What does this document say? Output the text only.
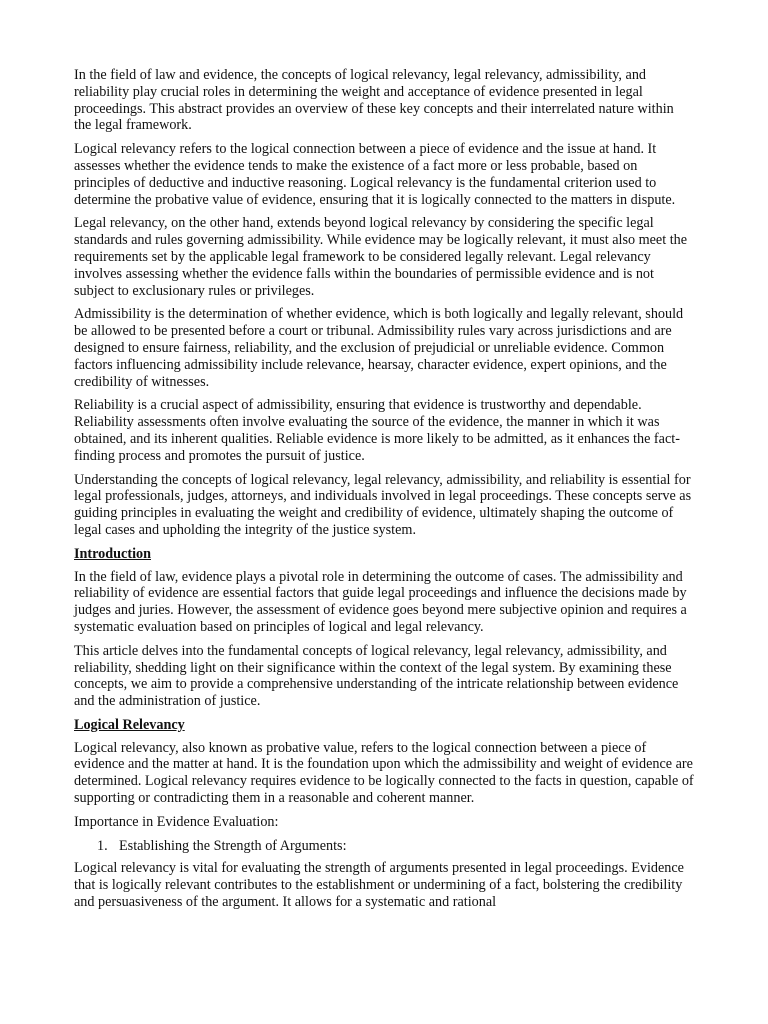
In the field of law and evidence, the concepts of logical relevancy, legal relevancy, admissibility, and reliability play crucial roles in determining the weight and acceptance of evidence presented in legal proceedings. This abstract provides an overview of these key concepts and their interrelated nature within the legal framework.

Logical relevancy refers to the logical connection between a piece of evidence and the issue at hand. It assesses whether the evidence tends to make the existence of a fact more or less probable, based on principles of deductive and inductive reasoning. Logical relevancy is the fundamental criterion used to determine the probative value of evidence, ensuring that it is logically connected to the matters in dispute.

Legal relevancy, on the other hand, extends beyond logical relevancy by considering the specific legal standards and rules governing admissibility. While evidence may be logically relevant, it must also meet the requirements set by the applicable legal framework to be considered legally relevant. Legal relevancy involves assessing whether the evidence falls within the boundaries of permissible evidence and is not subject to exclusionary rules or privileges.

Admissibility is the determination of whether evidence, which is both logically and legally relevant, should be allowed to be presented before a court or tribunal. Admissibility rules vary across jurisdictions and are designed to ensure fairness, reliability, and the exclusion of prejudicial or unreliable evidence. Common factors influencing admissibility include relevance, hearsay, character evidence, expert opinions, and the credibility of witnesses.

Reliability is a crucial aspect of admissibility, ensuring that evidence is trustworthy and dependable. Reliability assessments often involve evaluating the source of the evidence, the manner in which it was obtained, and its inherent qualities. Reliable evidence is more likely to be admitted, as it enhances the fact-finding process and promotes the pursuit of justice.

Understanding the concepts of logical relevancy, legal relevancy, admissibility, and reliability is essential for legal professionals, judges, attorneys, and individuals involved in legal proceedings. These concepts serve as guiding principles in evaluating the weight and credibility of evidence, ultimately shaping the outcome of legal cases and upholding the integrity of the justice system.

Introduction

In the field of law, evidence plays a pivotal role in determining the outcome of cases. The admissibility and reliability of evidence are essential factors that guide legal proceedings and influence the decisions made by judges and juries. However, the assessment of evidence goes beyond mere subjective opinion and requires a systematic evaluation based on principles of logical and legal relevancy.

This article delves into the fundamental concepts of logical relevancy, legal relevancy, admissibility, and reliability, shedding light on their significance within the context of the legal system. By examining these concepts, we aim to provide a comprehensive understanding of the intricate relationship between evidence and the administration of justice.

Logical Relevancy

Logical relevancy, also known as probative value, refers to the logical connection between a piece of evidence and the matter at hand. It is the foundation upon which the admissibility and weight of evidence are determined. Logical relevancy requires evidence to be logically connected to the facts in question, capable of supporting or contradicting them in a reasonable and coherent manner.

Importance in Evidence Evaluation:

1. Establishing the Strength of Arguments:

Logical relevancy is vital for evaluating the strength of arguments presented in legal proceedings. Evidence that is logically relevant contributes to the establishment or undermining of a fact, bolstering the credibility and persuasiveness of the argument. It allows for a systematic and rational
